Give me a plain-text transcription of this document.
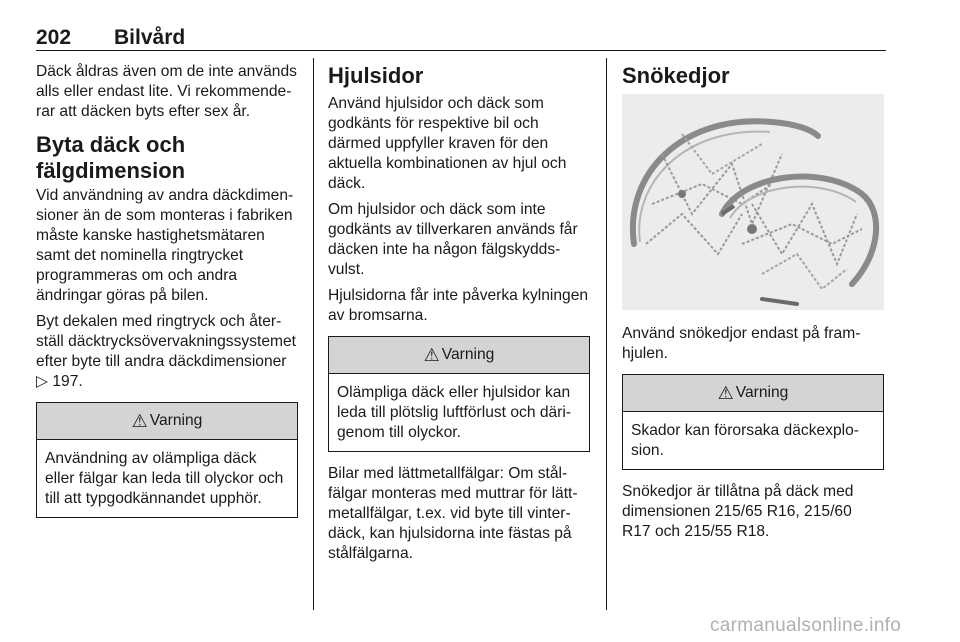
202 Bilvård

Däck åldras även om de inte används alls eller endast lite. Vi rekommenderar att däcken byts efter sex år.

Byta däck och fälgdimension

Vid användning av andra däckdimensioner än de som monteras i fabriken måste kanske hastighetsmätaren samt det nominella ringtrycket programmeras om och andra ändringar göras på bilen.

Byt dekalen med ringtryck och återställ däcktrycksövervakningssystemet efter byte till andra däckdimensioner ▷ 197.

⚠ Varning
Användning av olämpliga däck eller fälgar kan leda till olyckor och till att typgodkännandet upphör.
Hjulsidor

Använd hjulsidor och däck som godkänts för respektive bil och därmed uppfyller kraven för den aktuella kombinationen av hjul och däck.

Om hjulsidor och däck som inte godkänts av tillverkaren används får däcken inte ha någon fälgskyddsvulst.

Hjulsidorna får inte påverka kylningen av bromsarna.

⚠ Varning
Olämpliga däck eller hjulsidor kan leda till plötslig luftförlust och därigenom till olyckor.

Bilar med lättmetallfälgar: Om stålfälgar monteras med muttrar för lättmetallfälgar, t.ex. vid byte till vinterdäck, kan hjulsidorna inte fästas på stålfälgarna.

Snökedjor

Använd snökedjor endast på framhjulen.

⚠ Varning
Skador kan förorsaka däckexplosion.

Snökedjor är tillåtna på däck med dimensionen 215/65 R16, 215/60 R17 och 215/55 R18.

carmanualsonline.info
